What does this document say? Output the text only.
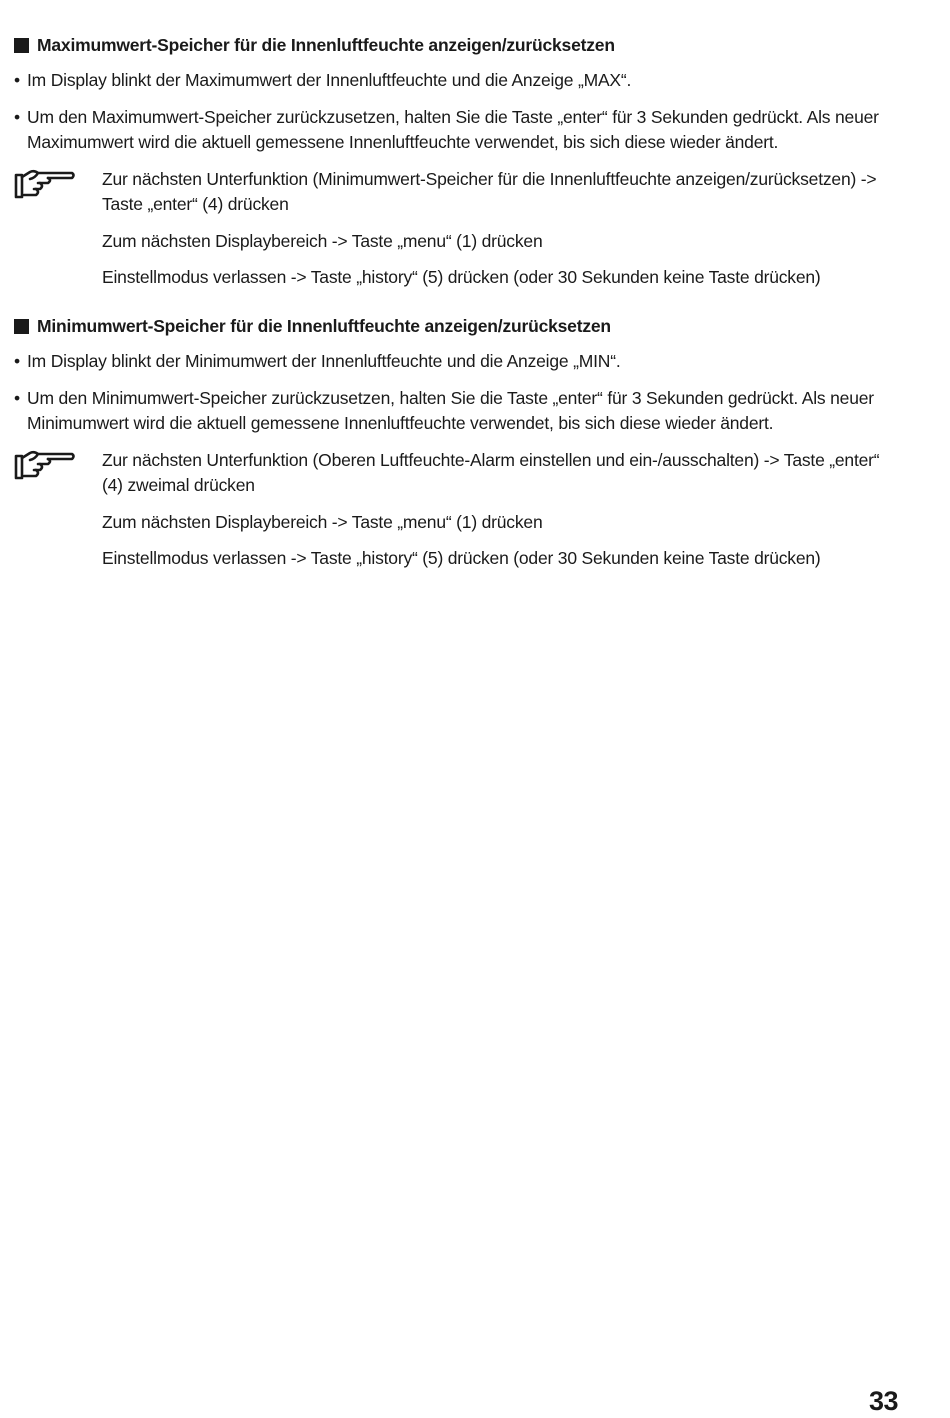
Maximumwert-Speicher für die Innenluftfeuchte anzeigen/zurücksetzen

• Im Display blinkt der Maximumwert der Innenluftfeuchte und die Anzeige „MAX“.

• Um den Maximumwert-Speicher zurückzusetzen, halten Sie die Taste „enter“ für 3 Sekunden gedrückt. Als neuer Maximumwert wird die aktuell gemessene Innenluftfeuchte verwendet, bis sich diese wieder ändert.

Zur nächsten Unterfunktion (Minimumwert-Speicher für die Innenluftfeuchte anzeigen/zurücksetzen) -> Taste „enter“ (4) drücken

Zum nächsten Displaybereich -> Taste „menu“ (1) drücken

Einstellmodus verlassen -> Taste „history“ (5) drücken (oder 30 Sekunden keine Taste drücken)

Minimumwert-Speicher für die Innenluftfeuchte anzeigen/zurücksetzen

• Im Display blinkt der Minimumwert der Innenluftfeuchte und die Anzeige „MIN“.

• Um den Minimumwert-Speicher zurückzusetzen, halten Sie die Taste „enter“ für 3 Sekunden gedrückt. Als neuer Minimumwert wird die aktuell gemessene Innenluftfeuchte verwendet, bis sich diese wieder ändert.

Zur nächsten Unterfunktion (Oberen Luftfeuchte-Alarm einstellen und ein-/ausschalten) -> Taste „enter“ (4) zweimal drücken

Zum nächsten Displaybereich -> Taste „menu“ (1) drücken

Einstellmodus verlassen -> Taste „history“ (5) drücken (oder 30 Sekunden keine Taste drücken)

33
